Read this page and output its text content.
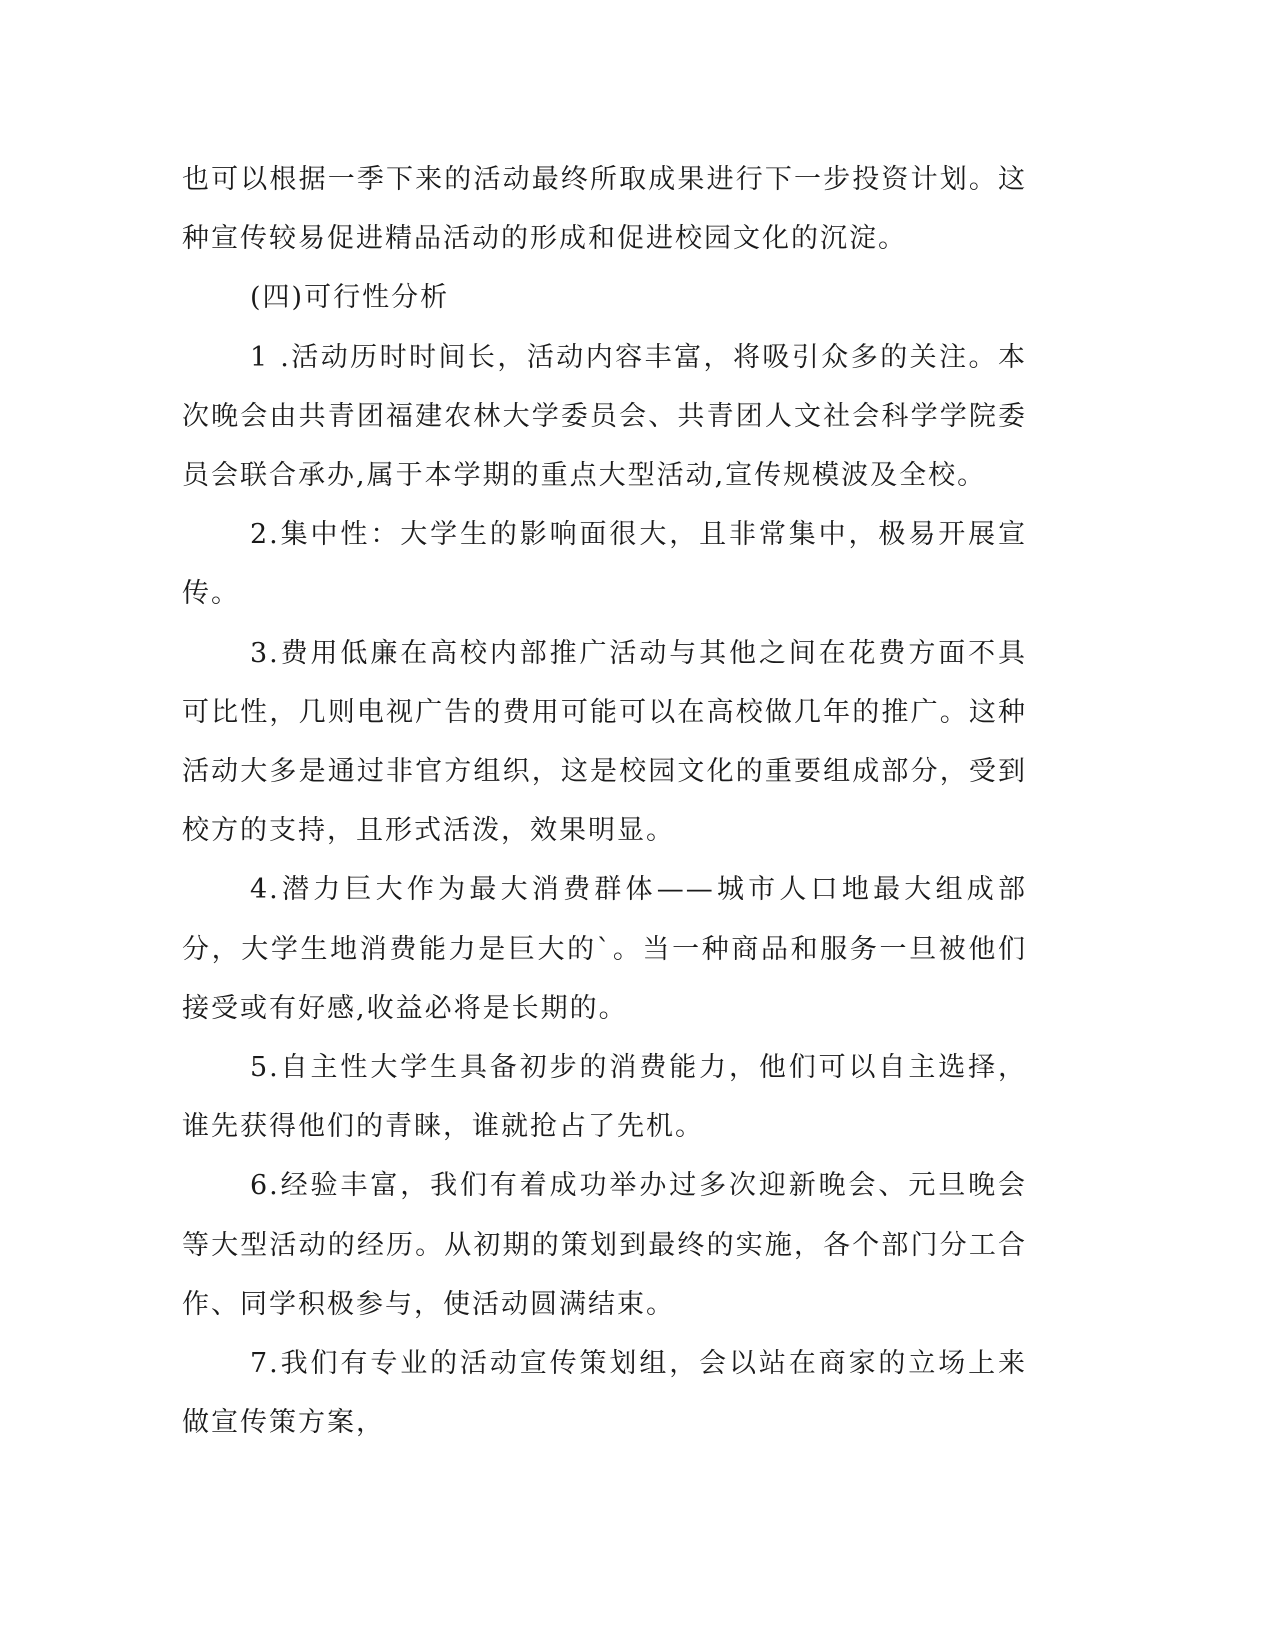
也可以根据一季下来的活动最终所取成果进行下一步投资计划。这种宣传较易促进精品活动的形成和促进校园文化的沉淀。

(四)可行性分析

1 .活动历时时间长，活动内容丰富，将吸引众多的关注。本次晚会由共青团福建农林大学委员会、共青团人文社会科学学院委员会联合承办,属于本学期的重点大型活动,宣传规模波及全校。

2.集中性：大学生的影响面很大，且非常集中，极易开展宣传。

3.费用低廉在高校内部推广活动与其他之间在花费方面不具可比性，几则电视广告的费用可能可以在高校做几年的推广。这种活动大多是通过非官方组织，这是校园文化的重要组成部分，受到校方的支持，且形式活泼，效果明显。

4.潜力巨大作为最大消费群体——城市人口地最大组成部分，大学生地消费能力是巨大的`。当一种商品和服务一旦被他们接受或有好感,收益必将是长期的。

5.自主性大学生具备初步的消费能力，他们可以自主选择，谁先获得他们的青睐，谁就抢占了先机。

6.经验丰富，我们有着成功举办过多次迎新晚会、元旦晚会等大型活动的经历。从初期的策划到最终的实施，各个部门分工合作、同学积极参与，使活动圆满结束。

7.我们有专业的活动宣传策划组，会以站在商家的立场上来做宣传策方案，
